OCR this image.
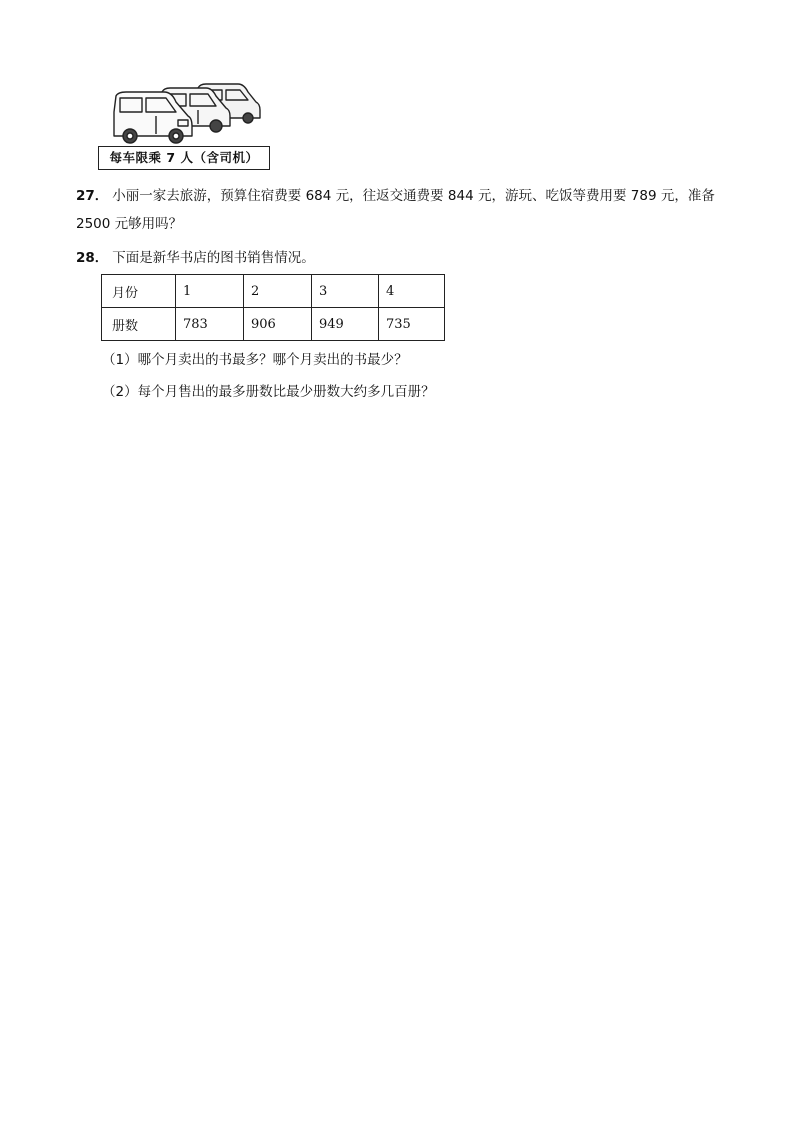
每车限乘 7 人（含司机）
27． 小丽一家去旅游，预算住宿费要 684 元，往返交通费要 844 元，游玩、吃饭等费用要 789 元，准备 2500 元够用吗？
28． 下面是新华书店的图书销售情况。
月份	1	2	3	4
册数	783	906	949	735
（1）哪个月卖出的书最多？哪个月卖出的书最少？
（2）每个月售出的最多册数比最少册数大约多几百册？
